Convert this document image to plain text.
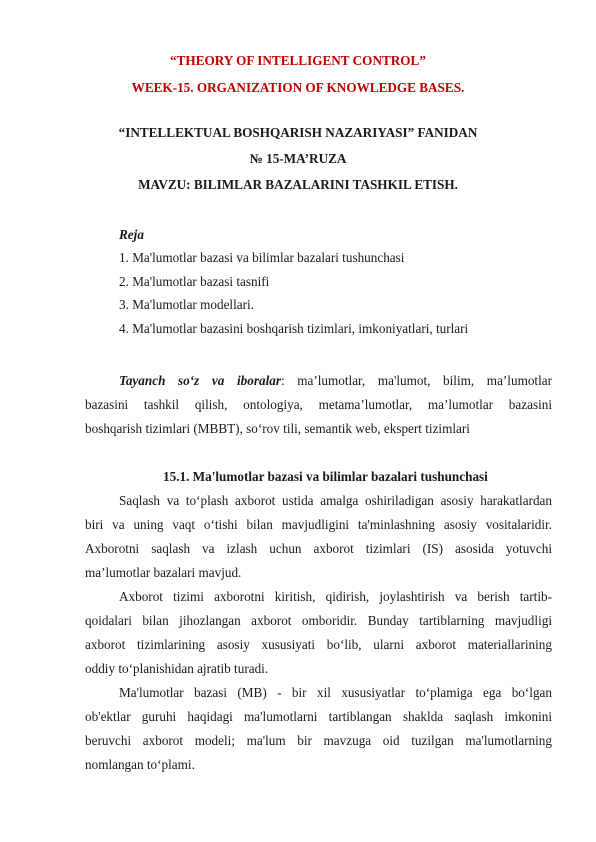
“THEORY OF INTELLIGENT CONTROL”
WEEK-15. ORGANIZATION OF KNOWLEDGE BASES.
“INTELLEKTUAL BOSHQARISH NAZARIYASI” FANIDAN
№ 15-MA’RUZA
MAVZU: BILIMLAR BAZALARINI TASHKIL ETISH.
Reja
1. Ma'lumotlar bazasi va bilimlar bazalari tushunchasi
2. Ma'lumotlar bazasi tasnifi
3. Ma'lumotlar modellari.
4. Ma'lumotlar bazasini boshqarish tizimlari, imkoniyatlari, turlari
Tayanch so‘z va iboralar: ma’lumotlar, ma'lumot, bilim, ma’lumotlar
bazasini tashkil qilish, ontologiya, metama’lumotlar, ma’lumotlar bazasini
boshqarish tizimlari (MBBT), so‘rov tili, semantik web, ekspert tizimlari
15.1. Ma'lumotlar bazasi va bilimlar bazalari tushunchasi
Saqlash va to‘plash axborot ustida amalga oshiriladigan asosiy harakatlardan
biri va uning vaqt o‘tishi bilan mavjudligini ta'minlashning asosiy vositalaridir.
Axborotni saqlash va izlash uchun axborot tizimlari (IS) asosida yotuvchi
ma’lumotlar bazalari mavjud.
Axborot tizimi axborotni kiritish, qidirish, joylashtirish va berish tartib-
qoidalari bilan jihozlangan axborot omboridir. Bunday tartiblarning mavjudligi
axborot tizimlarining asosiy xususiyati bo‘lib, ularni axborot materiallarining
oddiy to‘planishidan ajratib turadi.
Ma'lumotlar bazasi (MB) - bir xil xususiyatlar to‘plamiga ega bo‘lgan
ob'ektlar guruhi haqidagi ma'lumotlarni tartiblangan shaklda saqlash imkonini
beruvchi axborot modeli; ma'lum bir mavzuga oid tuzilgan ma'lumotlarning
nomlangan to‘plami.
